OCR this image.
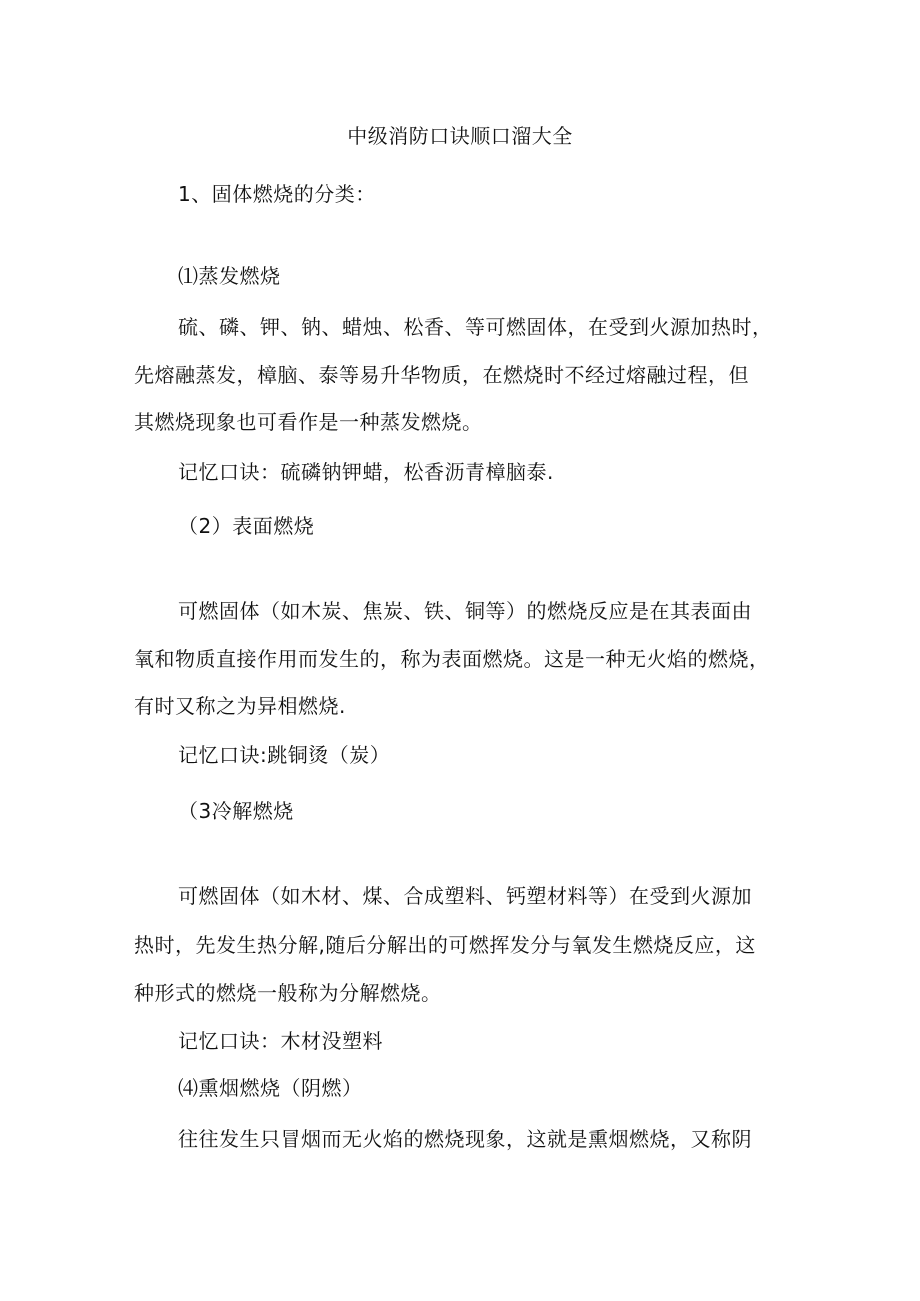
中级消防口诀顺口溜大全
1、固体燃烧的分类：
⑴蒸发燃烧
硫、磷、钾、钠、蜡烛、松香、等可燃固体，在受到火源加热时，
先熔融蒸发，樟脑、泰等易升华物质，在燃烧时不经过熔融过程，但
其燃烧现象也可看作是一种蒸发燃烧。
记忆口诀：硫磷钠钾蜡，松香沥青樟脑泰.
（2）表面燃烧
可燃固体（如木炭、焦炭、铁、铜等）的燃烧反应是在其表面由
氧和物质直接作用而发生的，称为表面燃烧。这是一种无火焰的燃烧，
有时又称之为异相燃烧.
记忆口诀:跳铜烫（炭）
（3冷解燃烧
可燃固体（如木材、煤、合成塑料、钙塑材料等）在受到火源加
热时，先发生热分解,随后分解出的可燃挥发分与氧发生燃烧反应，这
种形式的燃烧一般称为分解燃烧。
记忆口诀：木材没塑料
⑷熏烟燃烧（阴燃）
往往发生只冒烟而无火焰的燃烧现象，这就是熏烟燃烧，又称阴
